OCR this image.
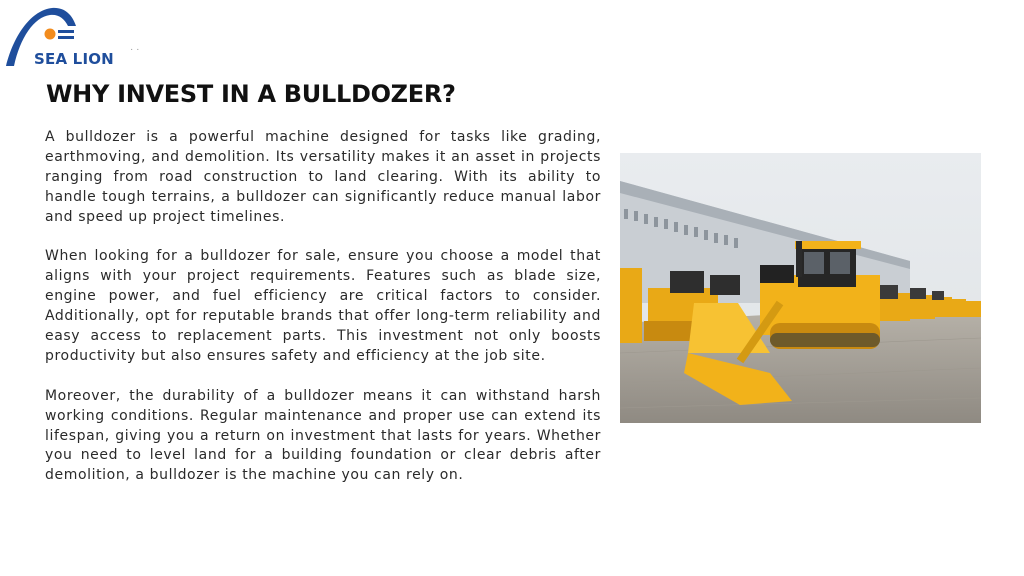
SEA LION
· ·
WHY INVEST IN A BULLDOZER?

A bulldozer is a powerful machine designed for tasks like grading, earthmoving, and demolition. Its versatility makes it an asset in projects ranging from road construction to land clearing. With its ability to handle tough terrains, a bulldozer can significantly reduce manual labor and speed up project timelines.

When looking for a bulldozer for sale, ensure you choose a model that aligns with your project requirements. Features such as blade size, engine power, and fuel efficiency are critical factors to consider. Additionally, opt for reputable brands that offer long-term reliability and easy access to replacement parts. This investment not only boosts productivity but also ensures safety and efficiency at the job site.

Moreover, the durability of a bulldozer means it can withstand harsh working conditions. Regular maintenance and proper use can extend its lifespan, giving you a return on investment that lasts for years. Whether you need to level land for a building foundation or clear debris after demolition, a bulldozer is the machine you can rely on.
